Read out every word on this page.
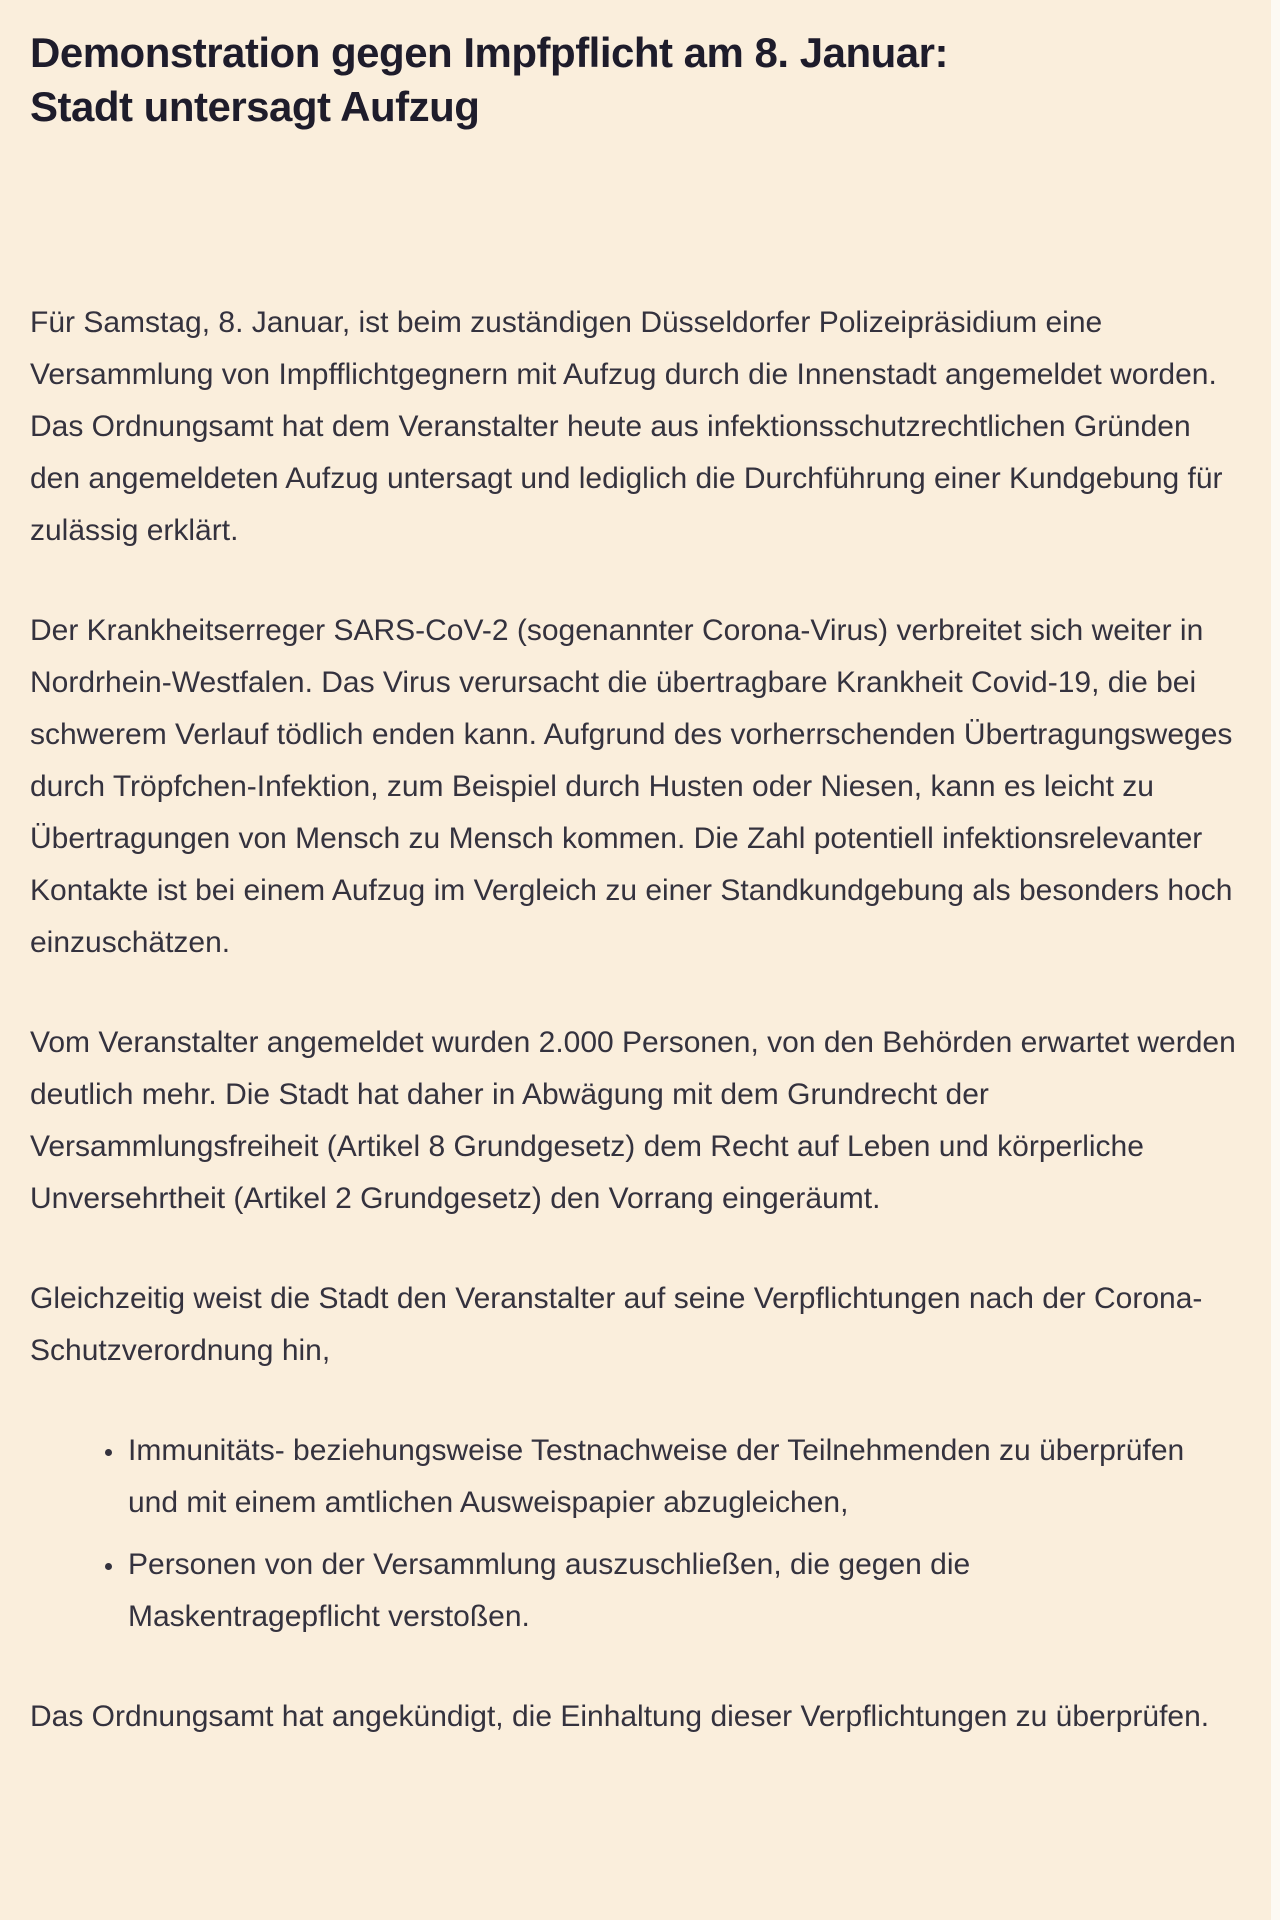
Demonstration gegen Impfpflicht am 8. Januar:
Stadt untersagt Aufzug

Für Samstag, 8. Januar, ist beim zuständigen Düsseldorfer Polizeipräsidium eine Versammlung von Impfflichtgegnern mit Aufzug durch die Innenstadt angemeldet worden. Das Ordnungsamt hat dem Veranstalter heute aus infektionsschutzrechtlichen Gründen den angemeldeten Aufzug untersagt und lediglich die Durchführung einer Kundgebung für zulässig erklärt.

Der Krankheitserreger SARS-CoV-2 (sogenannter Corona-Virus) verbreitet sich weiter in Nordrhein-Westfalen. Das Virus verursacht die übertragbare Krankheit Covid-19, die bei schwerem Verlauf tödlich enden kann. Aufgrund des vorherrschenden Übertragungsweges durch Tröpfchen-Infektion, zum Beispiel durch Husten oder Niesen, kann es leicht zu Übertragungen von Mensch zu Mensch kommen. Die Zahl potentiell infektionsrelevanter Kontakte ist bei einem Aufzug im Vergleich zu einer Standkundgebung als besonders hoch einzuschätzen.

Vom Veranstalter angemeldet wurden 2.000 Personen, von den Behörden erwartet werden deutlich mehr. Die Stadt hat daher in Abwägung mit dem Grundrecht der Versammlungsfreiheit (Artikel 8 Grundgesetz) dem Recht auf Leben und körperliche Unversehrtheit (Artikel 2 Grundgesetz) den Vorrang eingeräumt.

Gleichzeitig weist die Stadt den Veranstalter auf seine Verpflichtungen nach der Corona-Schutzverordnung hin,

• Immunitäts- beziehungsweise Testnachweise der Teilnehmenden zu überprüfen und mit einem amtlichen Ausweispapier abzugleichen,
• Personen von der Versammlung auszuschließen, die gegen die Maskentragepflicht verstoßen.

Das Ordnungsamt hat angekündigt, die Einhaltung dieser Verpflichtungen zu überprüfen.
